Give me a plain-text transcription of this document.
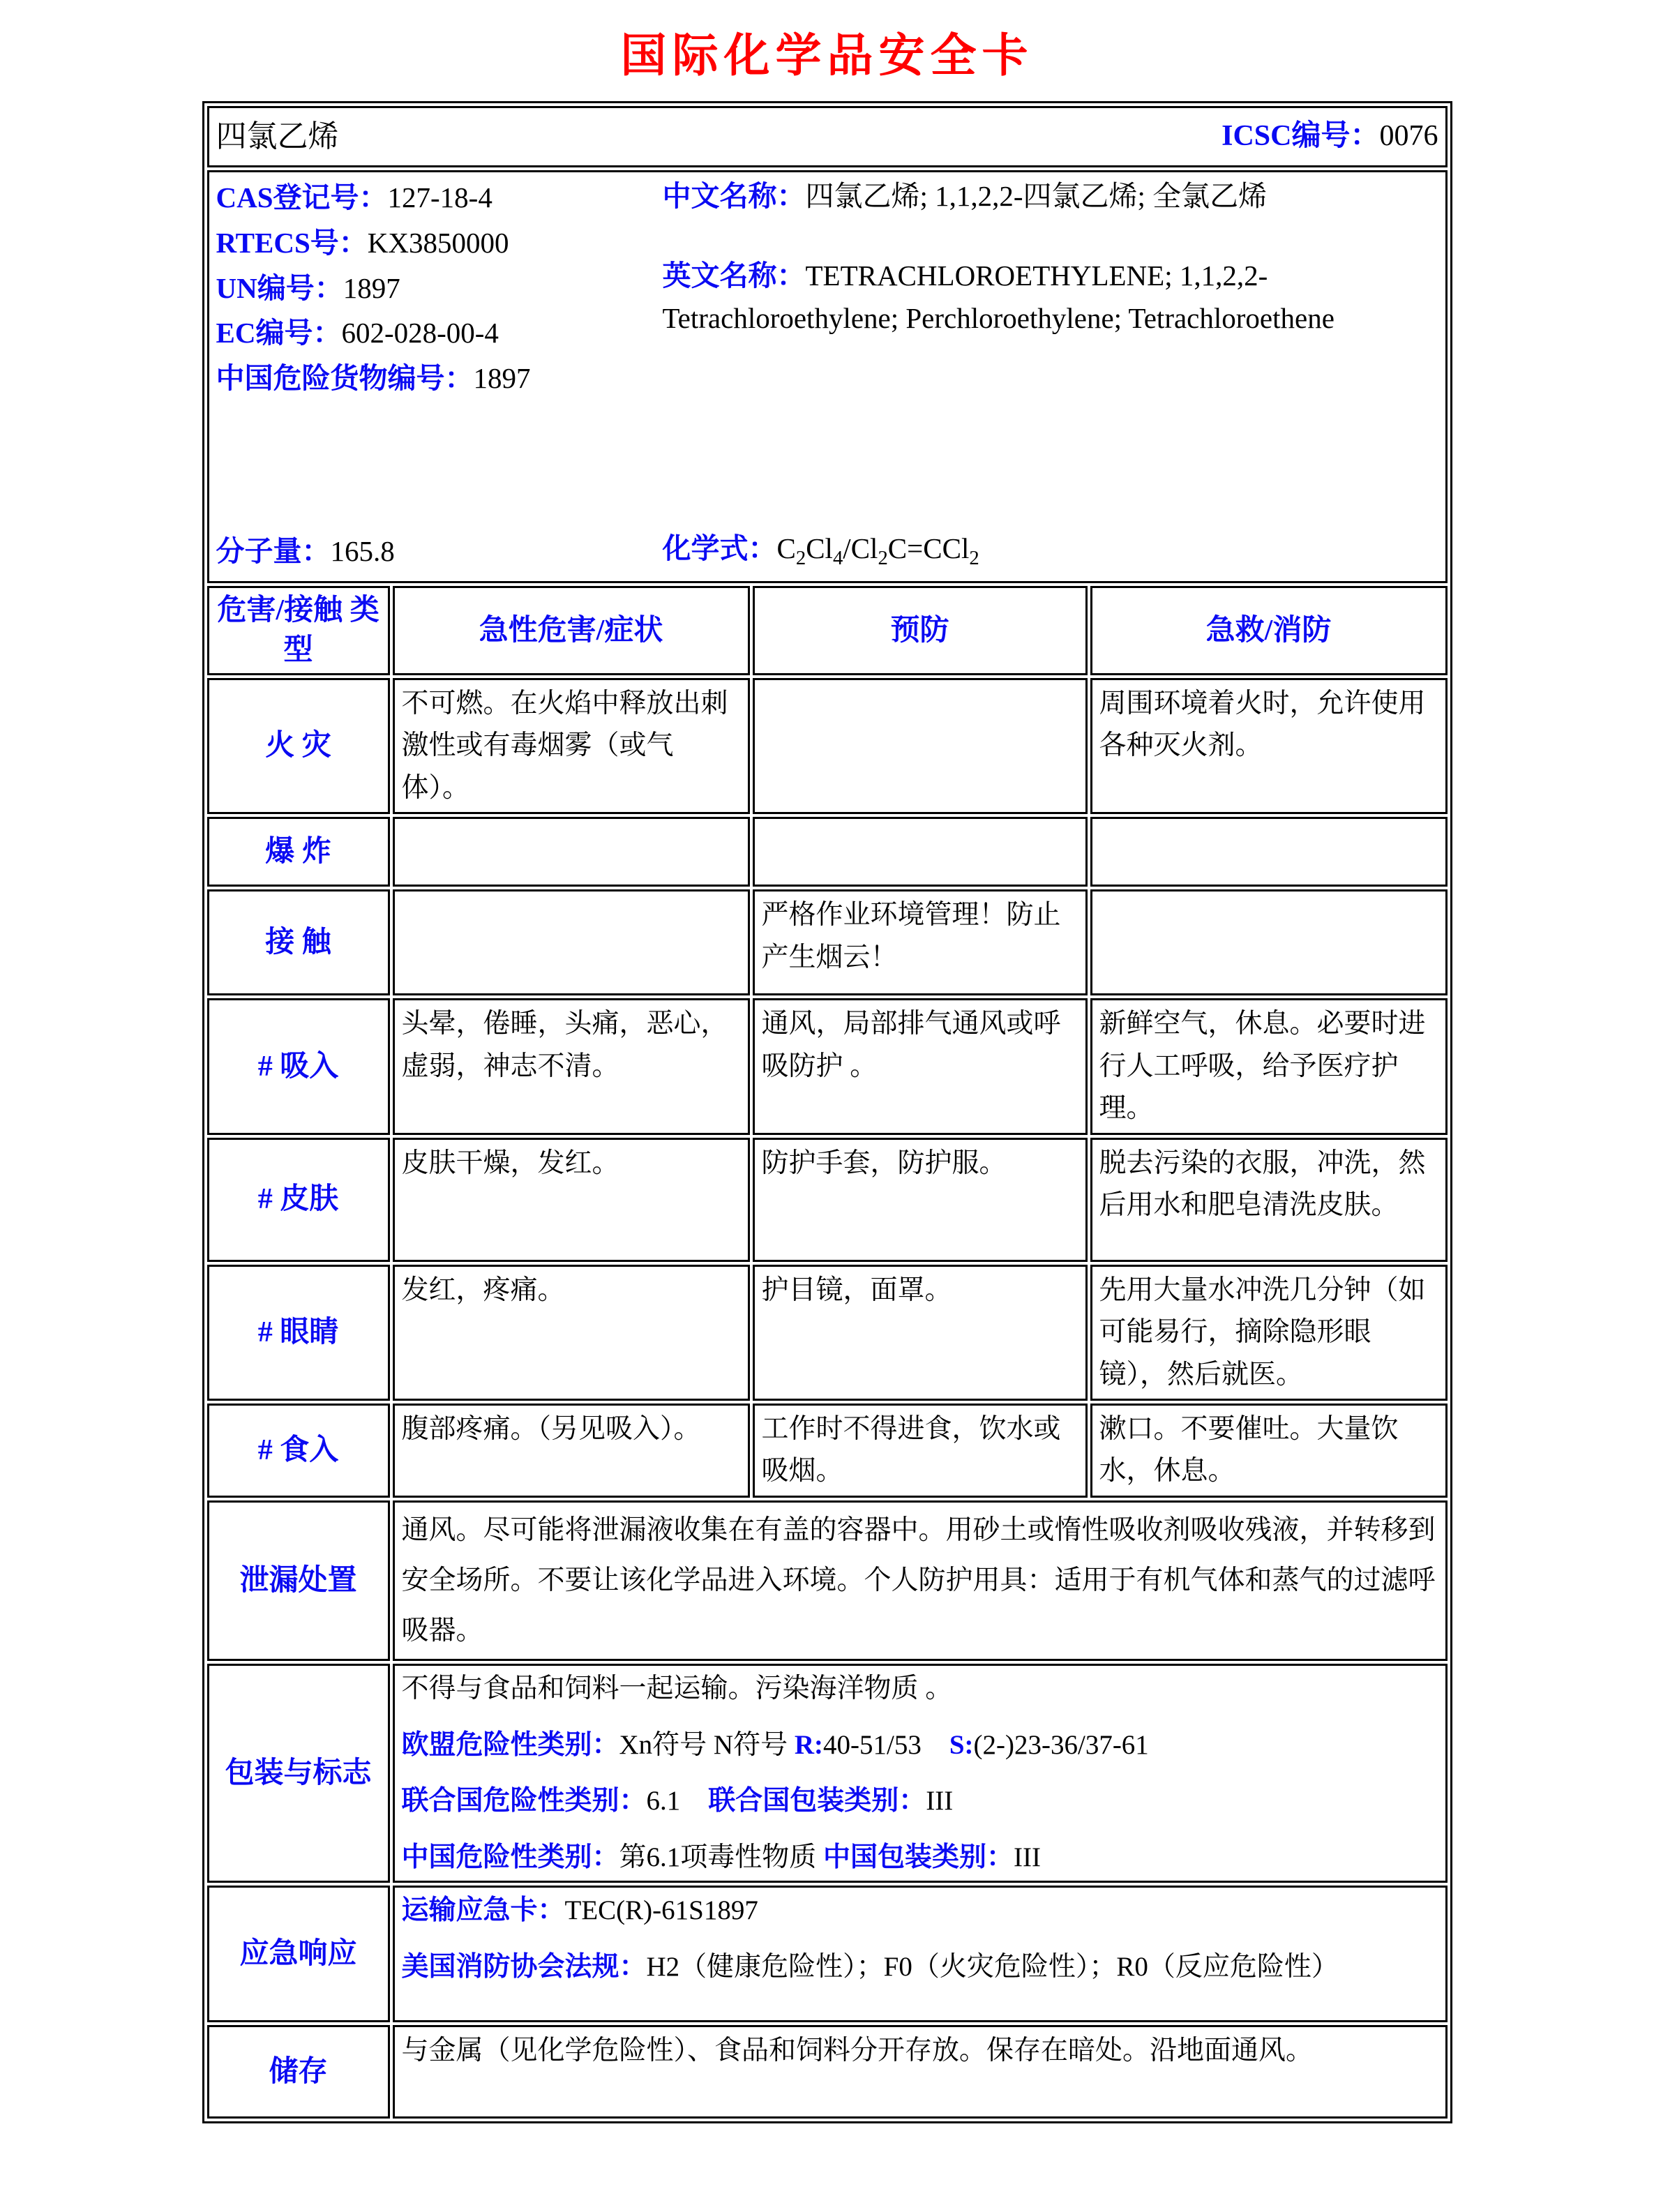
国际化学品安全卡
四氯乙烯 ICSC编号：0076			

CAS登记号：127-18-4
RTECS号：KX3850000
UN编号：1897
EC编号：602-028-00-4
中国危险货物编号：1897
分子量：165.8
中文名称：四氯乙烯; 1,1,2,2-四氯乙烯; 全氯乙烯
英文名称：TETRACHLOROETHYLENE; 1,1,2,2-Tetrachloroethylene; Perchloroethylene; Tetrachloroethene
化学式：$C_2Cl_4/Cl_2C=CCl_2$

危害/接触 类型	急性危害/症状	预防	急救/消防
火 灾	不可燃。在火焰中释放出刺激性或有毒烟雾（或气体）。		周围环境着火时，允许使用各种灭火剂。
爆 炸			
接 触		严格作业环境管理！防止产生烟云！	
# 吸入	头晕，倦睡，头痛，恶心，虚弱，神志不清。	通风，局部排气通风或呼吸防护 。	新鲜空气，休息。必要时进行人工呼吸，给予医疗护理。
# 皮肤	皮肤干燥，发红。	防护手套，防护服。	脱去污染的衣服，冲洗，然后用水和肥皂清洗皮肤。
# 眼睛	发红，疼痛。	护目镜，面罩。	先用大量水冲洗几分钟（如可能易行，摘除隐形眼镜），然后就医。
# 食入	腹部疼痛。（另见吸入）。	工作时不得进食，饮水或吸烟。	漱口。不要催吐。大量饮水，休息。
泄漏处置	通风。尽可能将泄漏液收集在有盖的容器中。用砂土或惰性吸收剂吸收残液，并转移到安全场所。不要让该化学品进入环境。个人防护用具：适用于有机气体和蒸气的过滤呼吸器。		
包装与标志	不得与食品和饲料一起运输。污染海洋物质 。
欧盟危险性类别：Xn符号 N符号 R:40-51/53 S:(2-)23-36/37-61
联合国危险性类别：6.1 联合国包装类别：III
中国危险性类别：第6.1项毒性物质 中国包装类别：III		

应急响应	运输应急卡：TEC(R)-61S1897
美国消防协会法规：H2（健康危险性）；F0（火灾危险性）；R0（反应危险性）		

储存	与金属（见化学危险性）、食品和饲料分开存放。保存在暗处。沿地面通风。		
